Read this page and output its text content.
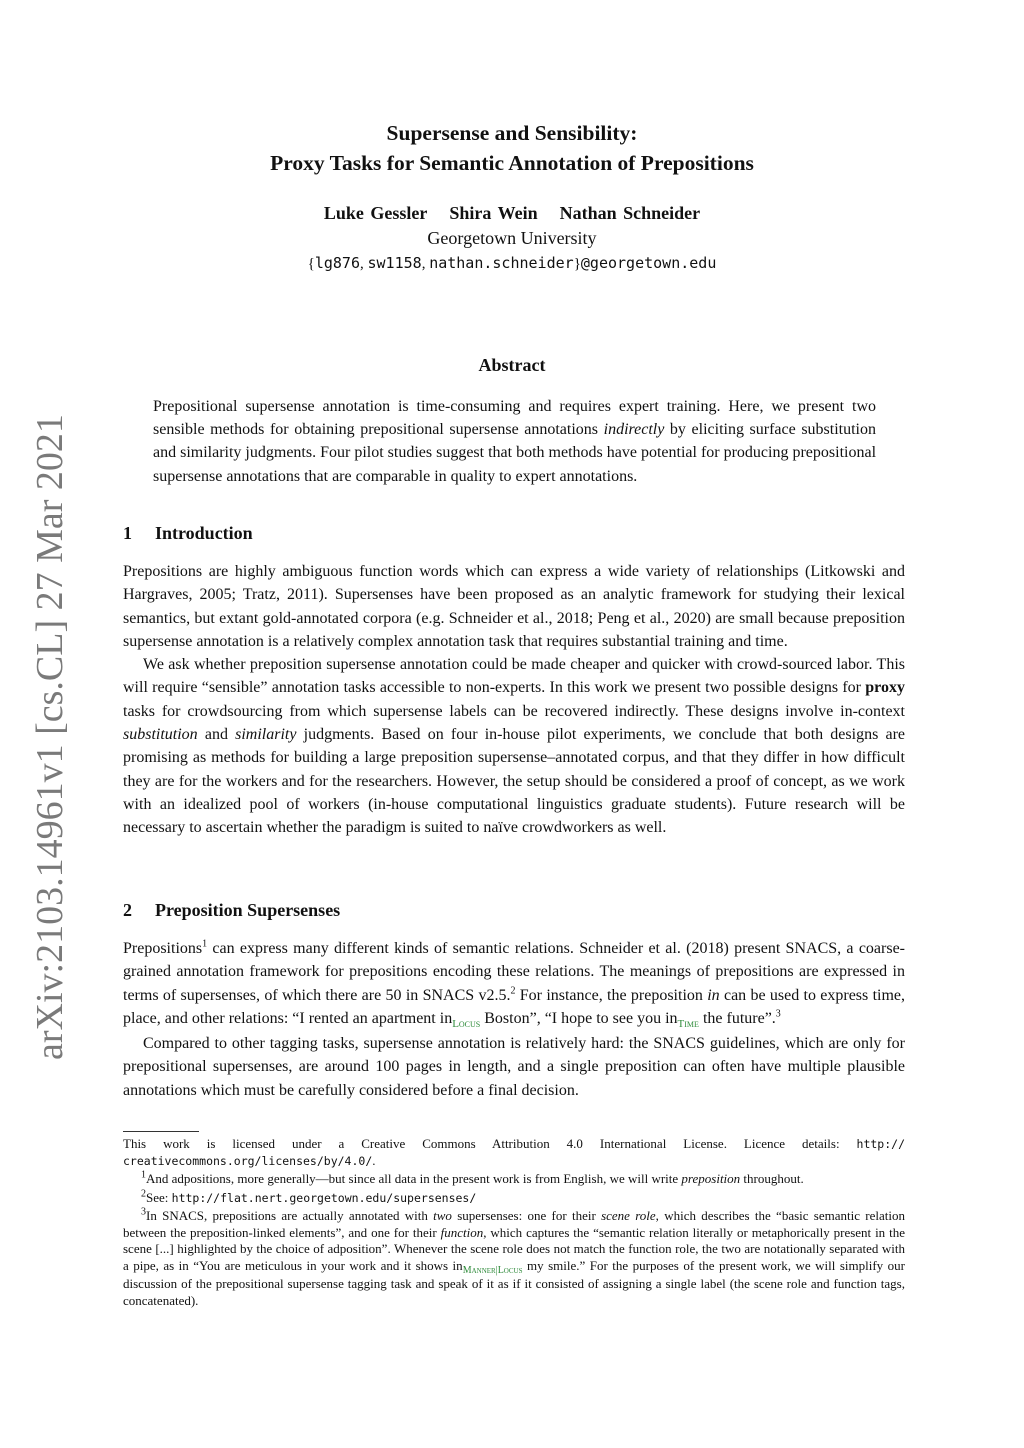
arXiv:2103.14961v1 [cs.CL] 27 Mar 2021
Supersense and Sensibility:
Proxy Tasks for Semantic Annotation of Prepositions
Luke Gessler Shira Wein Nathan Schneider
Georgetown University
{lg876, sw1158, nathan.schneider}@georgetown.edu
Abstract
Prepositional supersense annotation is time-consuming and requires expert training. Here, we present two sensible methods for obtaining prepositional supersense annotations indirectly by eliciting surface substitution and similarity judgments. Four pilot studies suggest that both methods have potential for producing prepositional supersense annotations that are comparable in quality to expert annotations.
1 Introduction

Prepositions are highly ambiguous function words which can express a wide variety of relationships (Litkowski and Hargraves, 2005; Tratz, 2011). Supersenses have been proposed as an analytic framework for studying their lexical semantics, but extant gold-annotated corpora (e.g. Schneider et al., 2018; Peng et al., 2020) are small because preposition supersense annotation is a relatively complex annotation task that requires substantial training and time.

We ask whether preposition supersense annotation could be made cheaper and quicker with crowd-sourced labor. This will require “sensible” annotation tasks accessible to non-experts. In this work we present two possible designs for proxy tasks for crowdsourcing from which supersense labels can be recovered indirectly. These designs involve in-context substitution and similarity judgments. Based on four in-house pilot experiments, we conclude that both designs are promising as methods for building a large preposition supersense–annotated corpus, and that they differ in how difficult they are for the workers and for the researchers. However, the setup should be considered a proof of concept, as we work with an idealized pool of workers (in-house computational linguistics graduate students). Future research will be necessary to ascertain whether the paradigm is suited to naïve crowdworkers as well.

2 Preposition Supersenses

Prepositions$^1$ can express many different kinds of semantic relations. Schneider et al. (2018) present SNACS, a coarse-grained annotation framework for prepositions encoding these relations. The meanings of prepositions are expressed in terms of supersenses, of which there are 50 in SNACS v2.5.$^2$ For instance, the preposition in can be used to express time, place, and other relations: “I rented an apartment $in_{Locus}$ Boston”, “I hope to see you $in_{Time}$ the future”.$^3$

Compared to other tagging tasks, supersense annotation is relatively hard: the SNACS guidelines, which are only for prepositional supersenses, are around 100 pages in length, and a single preposition can often have multiple plausible annotations which must be carefully considered before a final decision.

This work is licensed under a Creative Commons Attribution 4.0 International License. Licence details: http:// creativecommons.org/licenses/by/4.0/.

$^1$And adpositions, more generally—but since all data in the present work is from English, we will write preposition throughout.

$^2$See: http://flat.nert.georgetown.edu/supersenses/

$^3$In SNACS, prepositions are actually annotated with two supersenses: one for their scene role, which describes the “basic semantic relation between the preposition-linked elements”, and one for their function, which captures the “semantic relation literally or metaphorically present in the scene [...] highlighted by the choice of adposition”. Whenever the scene role does not match the function role, the two are notationally separated with a pipe, as in “You are meticulous in your work and it shows $in_{Manner|Locus}$ my smile.” For the purposes of the present work, we will simplify our discussion of the prepositional supersense tagging task and speak of it as if it consisted of assigning a single label (the scene role and function tags, concatenated).
